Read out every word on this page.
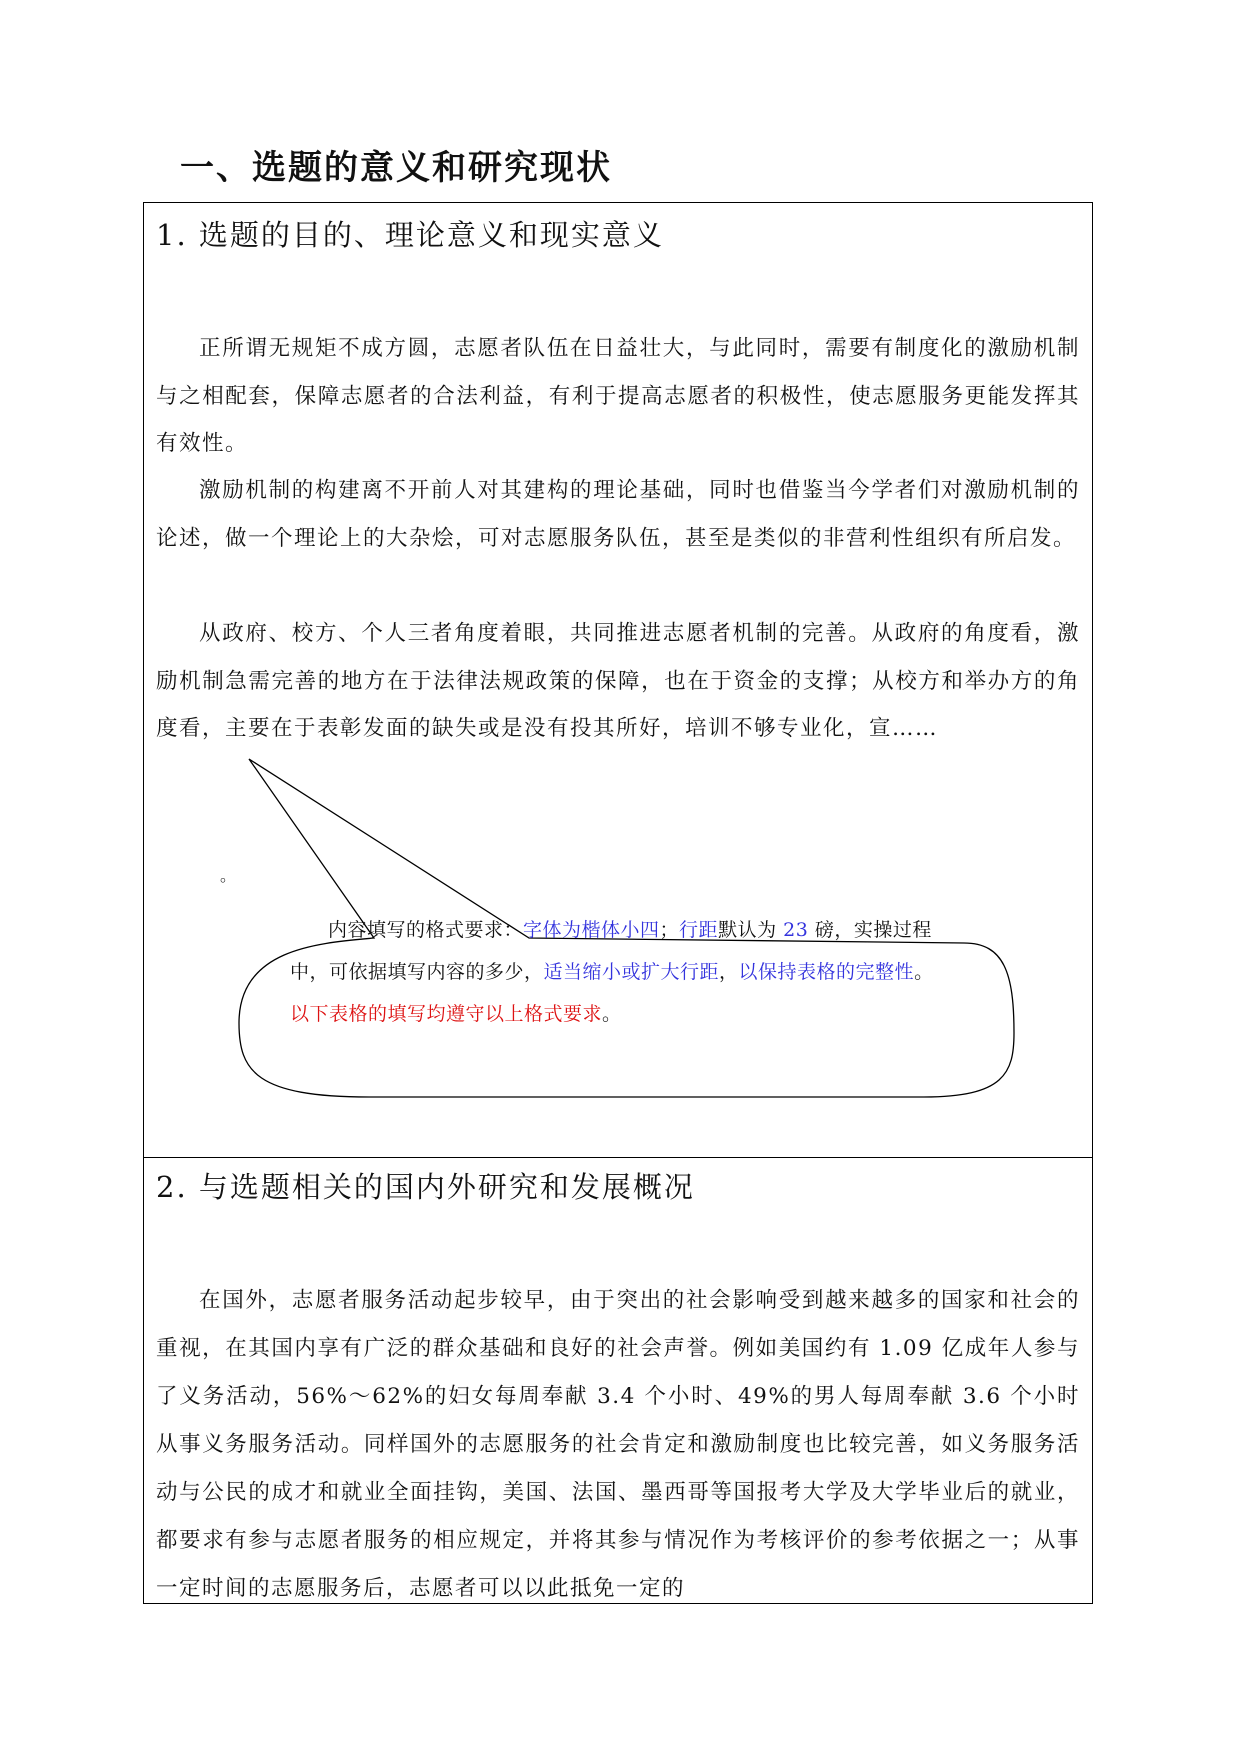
一、选题的意义和研究现状
1. 选题的目的、理论意义和现实意义

正所谓无规矩不成方圆，志愿者队伍在日益壮大，与此同时，需要有制度化的激励机制与之相配套，保障志愿者的合法利益，有利于提高志愿者的积极性，使志愿服务更能发挥其有效性。

激励机制的构建离不开前人对其建构的理论基础，同时也借鉴当今学者们对激励机制的论述，做一个理论上的大杂烩，可对志愿服务队伍，甚至是类似的非营利性组织有所启发。

从政府、校方、个人三者角度着眼，共同推进志愿者机制的完善。从政府的角度看，激励机制急需完善的地方在于法律法规政策的保障，也在于资金的支撑；从校方和举办方的角度看，主要在于表彰发面的缺失或是没有投其所好，培训不够专业化，宣……

。

内容填写的格式要求：字体为楷体小四；行距默认为 23 磅，实操过程中，可依据填写内容的多少，适当缩小或扩大行距，以保持表格的完整性。以下表格的填写均遵守以上格式要求。

2. 与选题相关的国内外研究和发展概况

在国外，志愿者服务活动起步较早，由于突出的社会影响受到越来越多的国家和社会的重视，在其国内享有广泛的群众基础和良好的社会声誉。例如美国约有 1.09 亿成年人参与了义务活动，56%～62%的妇女每周奉献 3.4 个小时、49%的男人每周奉献 3.6 个小时从事义务服务活动。同样国外的志愿服务的社会肯定和激励制度也比较完善，如义务服务活动与公民的成才和就业全面挂钩，美国、法国、墨西哥等国报考大学及大学毕业后的就业，都要求有参与志愿者服务的相应规定，并将其参与情况作为考核评价的参考依据之一；从事一定时间的志愿服务后，志愿者可以以此抵免一定的
